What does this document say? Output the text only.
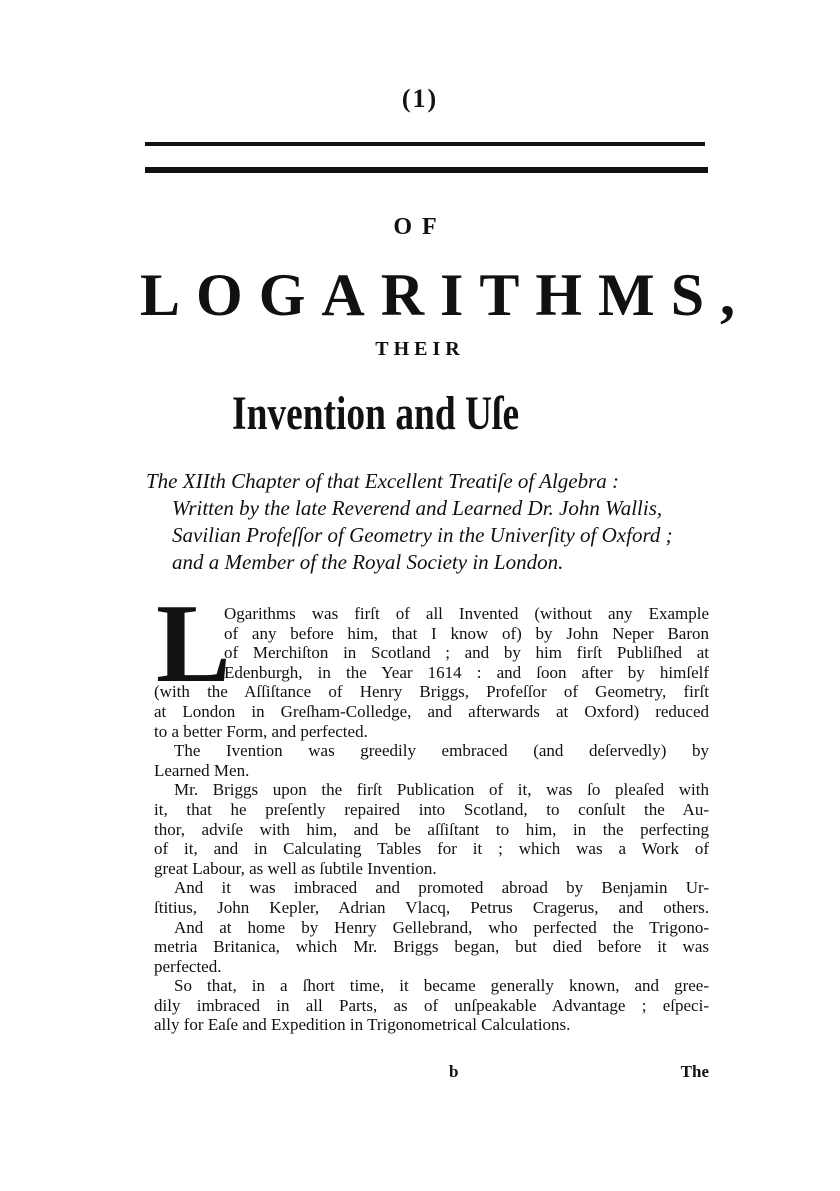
(1)
OF
LOGARITHMS,
THEIR
Invention and Uſe
The XIIth Chapter of that Excellent Treatiſe of Algebra :
Written by the late Reverend and Learned Dr. John Wallis,
Savilian Profeſſor of Geometry in the Univerſity of Oxford ;
and a Member of the Royal Society in London.
L
Ogarithms was firſt of all Invented (without any Example
of any before him, that I know of) by John Neper Baron
of Merchiſton in Scotland ; and by him firſt Publiſhed at
Edenburgh, in the Year 1614 : and ſoon after by himſelf
(with the Aſſiſtance of Henry Briggs, Profeſſor of Geometry, firſt
at London in Greſham-Colledge, and afterwards at Oxford) reduced
to a better Form, and perfected.
The Ivention was greedily embraced (and deſervedly) by
Learned Men.
Mr. Briggs upon the firſt Publication of it, was ſo pleaſed with
it, that he preſently repaired into Scotland, to conſult the Au-
thor, adviſe with him, and be aſſiſtant to him, in the perfecting
of it, and in Calculating Tables for it ; which was a Work of
great Labour, as well as ſubtile Invention.
And it was imbraced and promoted abroad by Benjamin Ur-
ſtitius, John Kepler, Adrian Vlacq, Petrus Cragerus, and others.
And at home by Henry Gellebrand, who perfected the Trigono-
metria Britanica, which Mr. Briggs began, but died before it was
perfected.
So that, in a ſhort time, it became generally known, and gree-
dily imbraced in all Parts, as of unſpeakable Advantage ; eſpeci-
ally for Eaſe and Expedition in Trigonometrical Calculations.
b	The
